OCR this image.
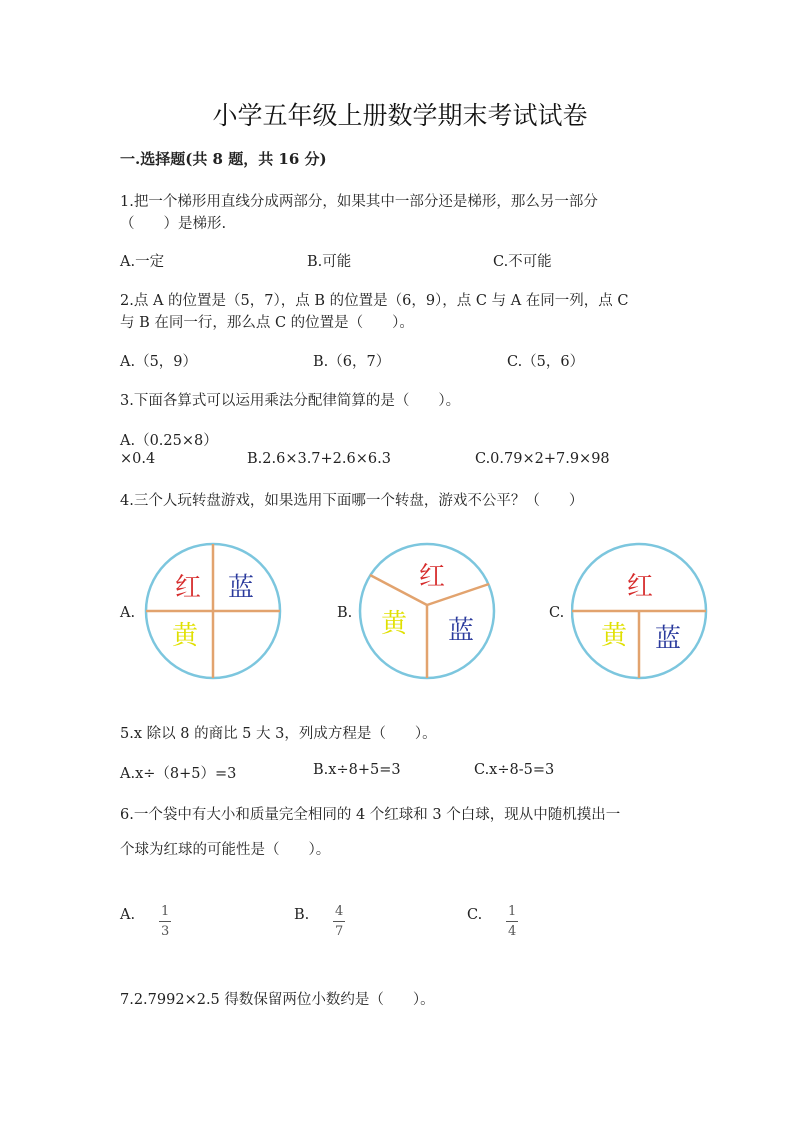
小学五年级上册数学期末考试试卷
一.选择题(共 8 题，共 16 分)
1.把一个梯形用直线分成两部分，如果其中一部分还是梯形，那么另一部分
（　　）是梯形.
A.一定	B.可能	C.不可能
2.点 A 的位置是（5，7），点 B 的位置是（6，9），点 C 与 A 在同一列，点 C
与 B 在同一行，那么点 C 的位置是（　　）。
A.（5，9）	B.（6，7）	C.（5，6）
3.下面各算式可以运用乘法分配律简算的是（　　）。
A.（0.25×8）
×0.4	B.2.6×3.7+2.6×6.3	C.0.79×2+7.9×98
4.三个人玩转盘游戏，如果选用下面哪一个转盘，游戏不公平？（　　）
A.	B.	C.
红 蓝
黄
红
黄 蓝
红
黄 蓝
5.x 除以 8 的商比 5 大 3，列成方程是（　　）。
A.x÷（8+5）=3	B.x÷8+5=3	C.x÷8-5=3
6.一个袋中有大小和质量完全相同的 4 个红球和 3 个白球，现从中随机摸出一
个球为红球的可能性是（　　）。
A. $\frac{1}{3}$	B. $\frac{4}{7}$	C. $\frac{1}{4}$
7.2.7992×2.5 得数保留两位小数约是（　　）。
